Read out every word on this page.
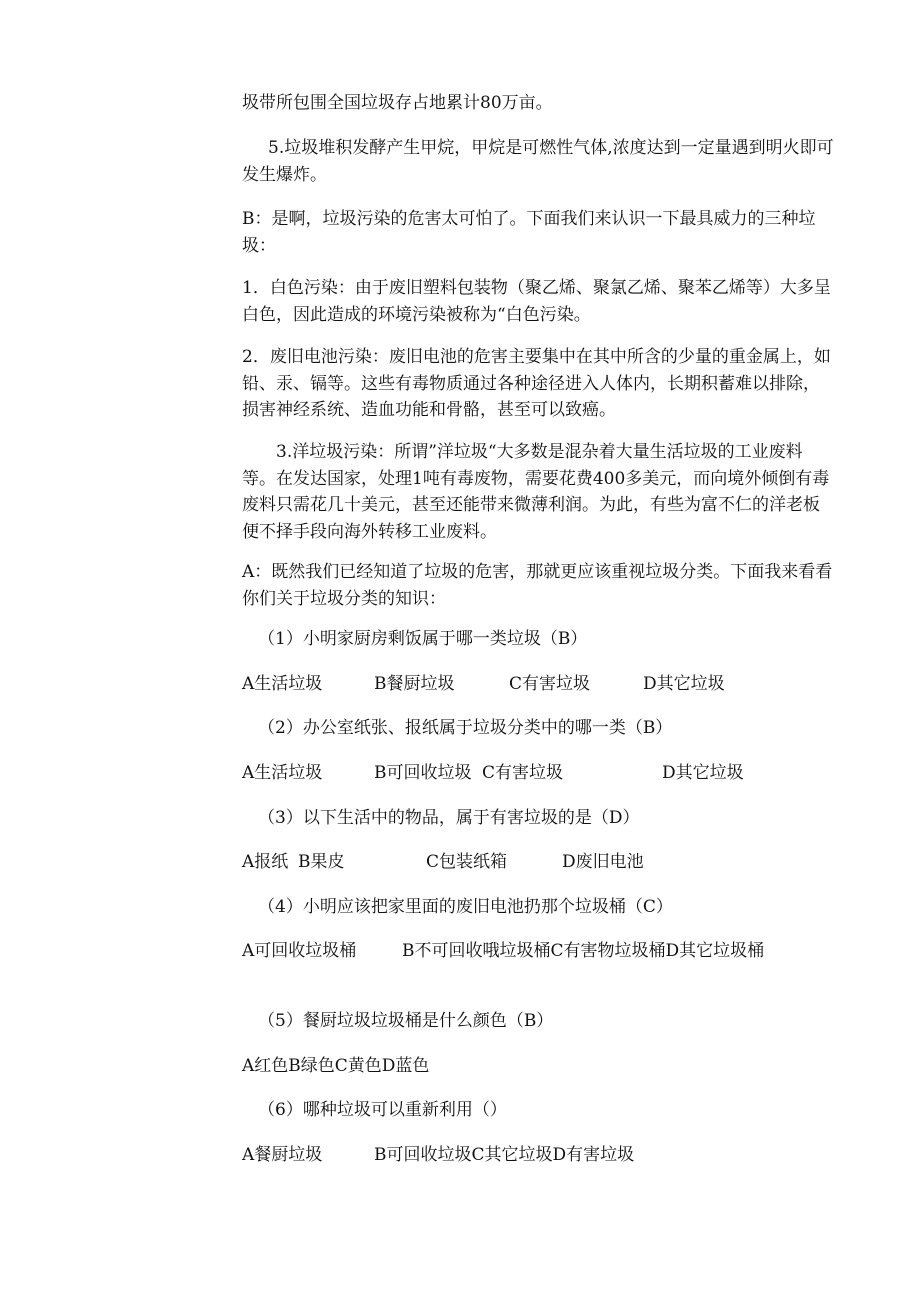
圾带所包围全国垃圾存占地累计80万亩。
5.垃圾堆积发酵产生甲烷，甲烷是可燃性气体,浓度达到一定量遇到明火即可发生爆炸。
B：是啊，垃圾污染的危害太可怕了。下面我们来认识一下最具威力的三种垃圾：
1．白色污染：由于废旧塑料包装物（聚乙烯、聚氯乙烯、聚苯乙烯等）大多呈白色，因此造成的环境污染被称为“白色污染。
2．废旧电池污染：废旧电池的危害主要集中在其中所含的少量的重金属上，如铅、汞、镉等。这些有毒物质通过各种途径进入人体内，长期积蓄难以排除，损害神经系统、造血功能和骨骼，甚至可以致癌。
3.洋垃圾污染：所谓”洋垃圾“大多数是混杂着大量生活垃圾的工业废料等。在发达国家，处理1吨有毒废物，需要花费400多美元，而向境外倾倒有毒废料只需花几十美元，甚至还能带来微薄利润。为此，有些为富不仁的洋老板便不择手段向海外转移工业废料。
A：既然我们已经知道了垃圾的危害，那就更应该重视垃圾分类。下面我来看看你们关于垃圾分类的知识：
（1）小明家厨房剩饭属于哪一类垃圾（B）
A生活垃圾	B餐厨垃圾	C有害垃圾	D其它垃圾
（2）办公室纸张、报纸属于垃圾分类中的哪一类（B）
A生活垃圾	B可回收垃圾 C有害垃圾	D其它垃圾
（3）以下生活中的物品，属于有害垃圾的是（D）
A报纸 B果皮	C包装纸箱	D废旧电池
（4）小明应该把家里面的废旧电池扔那个垃圾桶（C）
A可回收垃圾桶	B不可回收哦垃圾桶C有害物垃圾桶D其它垃圾桶
（5）餐厨垃圾垃圾桶是什么颜色（B）
A红色B绿色C黄色D蓝色
（6）哪种垃圾可以重新利用（）
A餐厨垃圾	B可回收垃圾C其它垃圾D有害垃圾
